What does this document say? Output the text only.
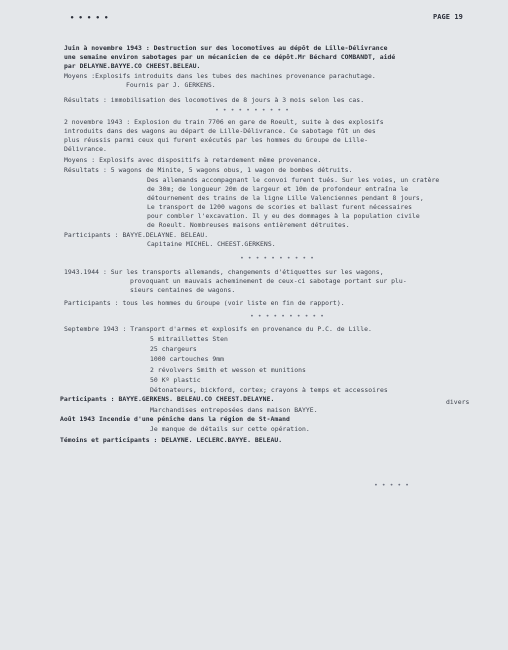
• • • • •	PAGE 19
Juin à novembre 1943 : Destruction sur des locomotives au dépôt de Lille-Délivrance
une semaine environ sabotages par un mécanicien de ce dépôt.Mr Béchard COMBANDT, aidé
par DELAYNE.BAYYE.CO CHEEST.BELEAU.
Moyens :Explosifs introduits dans les tubes des machines provenance parachutage.
Fournis par J. GERKENS.
Résultats : immobilisation des locomotives de 8 jours à 3 mois selon les cas.
• • • • • • • • • •
2 novembre 1943 : Explosion du train 7706 en gare de Roeult, suite à des explosifs
introduits dans des wagons au départ de Lille-Délivrance. Ce sabotage fût un des
plus réussis parmi ceux qui furent exécutés par les hommes du Groupe de Lille-
Délivrance.
Moyens : Explosifs avec dispositifs à retardement même provenance.
Résultats : 5 wagons de Minite, 5 wagons obus, 1 wagon de bombes détruits.
Des allemands accompagnant le convoi furent tués. Sur les voies, un cratère
de 30m; de longueur 20m de largeur et 10m de profondeur entraîna le
détournement des trains de la ligne Lille Valenciennes pendant 8 jours,
Le transport de 1200 wagons de scories et ballast furent nécessaires
pour combler l'excavation. Il y eu des dommages à la population civile
de Roeult. Nombreuses maisons entièrement détruites.
Participants : BAYYE.DELAYNE. BELEAU.
Capitaine MICHEL. CHEEST.GERKENS.
• • • • • • • • • •
1943.1944 : Sur les transports allemands, changements d'étiquettes sur les wagons,
provoquant un mauvais acheminement de ceux-ci sabotage portant sur plu-
sieurs centaines de wagons.
Participants : tous les hommes du Groupe (voir liste en fin de rapport).
• • • • • • • • • •
Septembre 1943 : Transport d'armes et explosifs en provenance du P.C. de Lille.
5 mitraillettes Sten
25 chargeurs
1000 cartouches 9mm
2 révolvers Smith et wesson et munitions
50 Kº plastic
Détonateurs, bickford, cortex; crayons à temps et accessoires
Participants : BAYYE.GERKENS. BELEAU.CO CHEEST.DELAYNE.	divers
Marchandises entreposées dans maison BAYYE.
Août 1943 Incendie d'une péniche dans la région de St-Amand
Je manque de détails sur cette opération.
Témoins et participants : DELAYNE. LECLERC.BAYYE. BELEAU.
• • • • •
